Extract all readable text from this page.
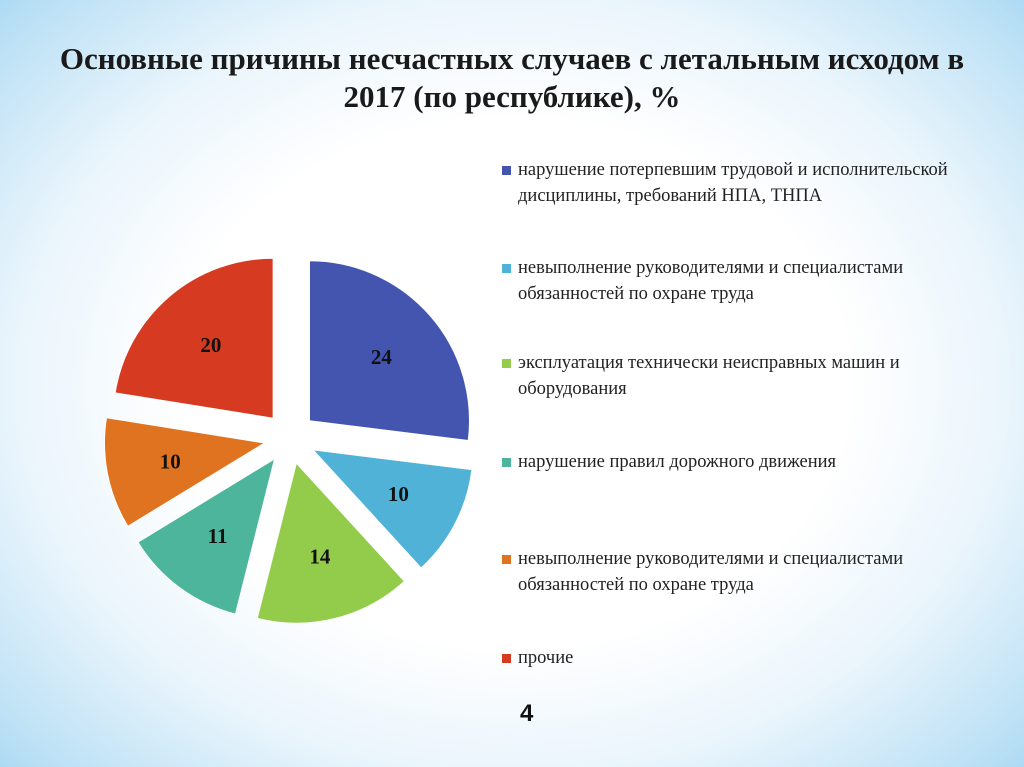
Основные причины несчастных случаев с летальным исходом в 2017 (по республике), %
24
10
14
11
10
20
нарушение потерпевшим трудовой и исполнительской дисциплины, требований НПА, ТНПА
невыполнение руководителями и специалистами обязанностей по охране труда
эксплуатация технически неисправных машин и оборудования
нарушение правил дорожного движения
невыполнение руководителями и специалистами обязанностей по охране труда
прочие
4
